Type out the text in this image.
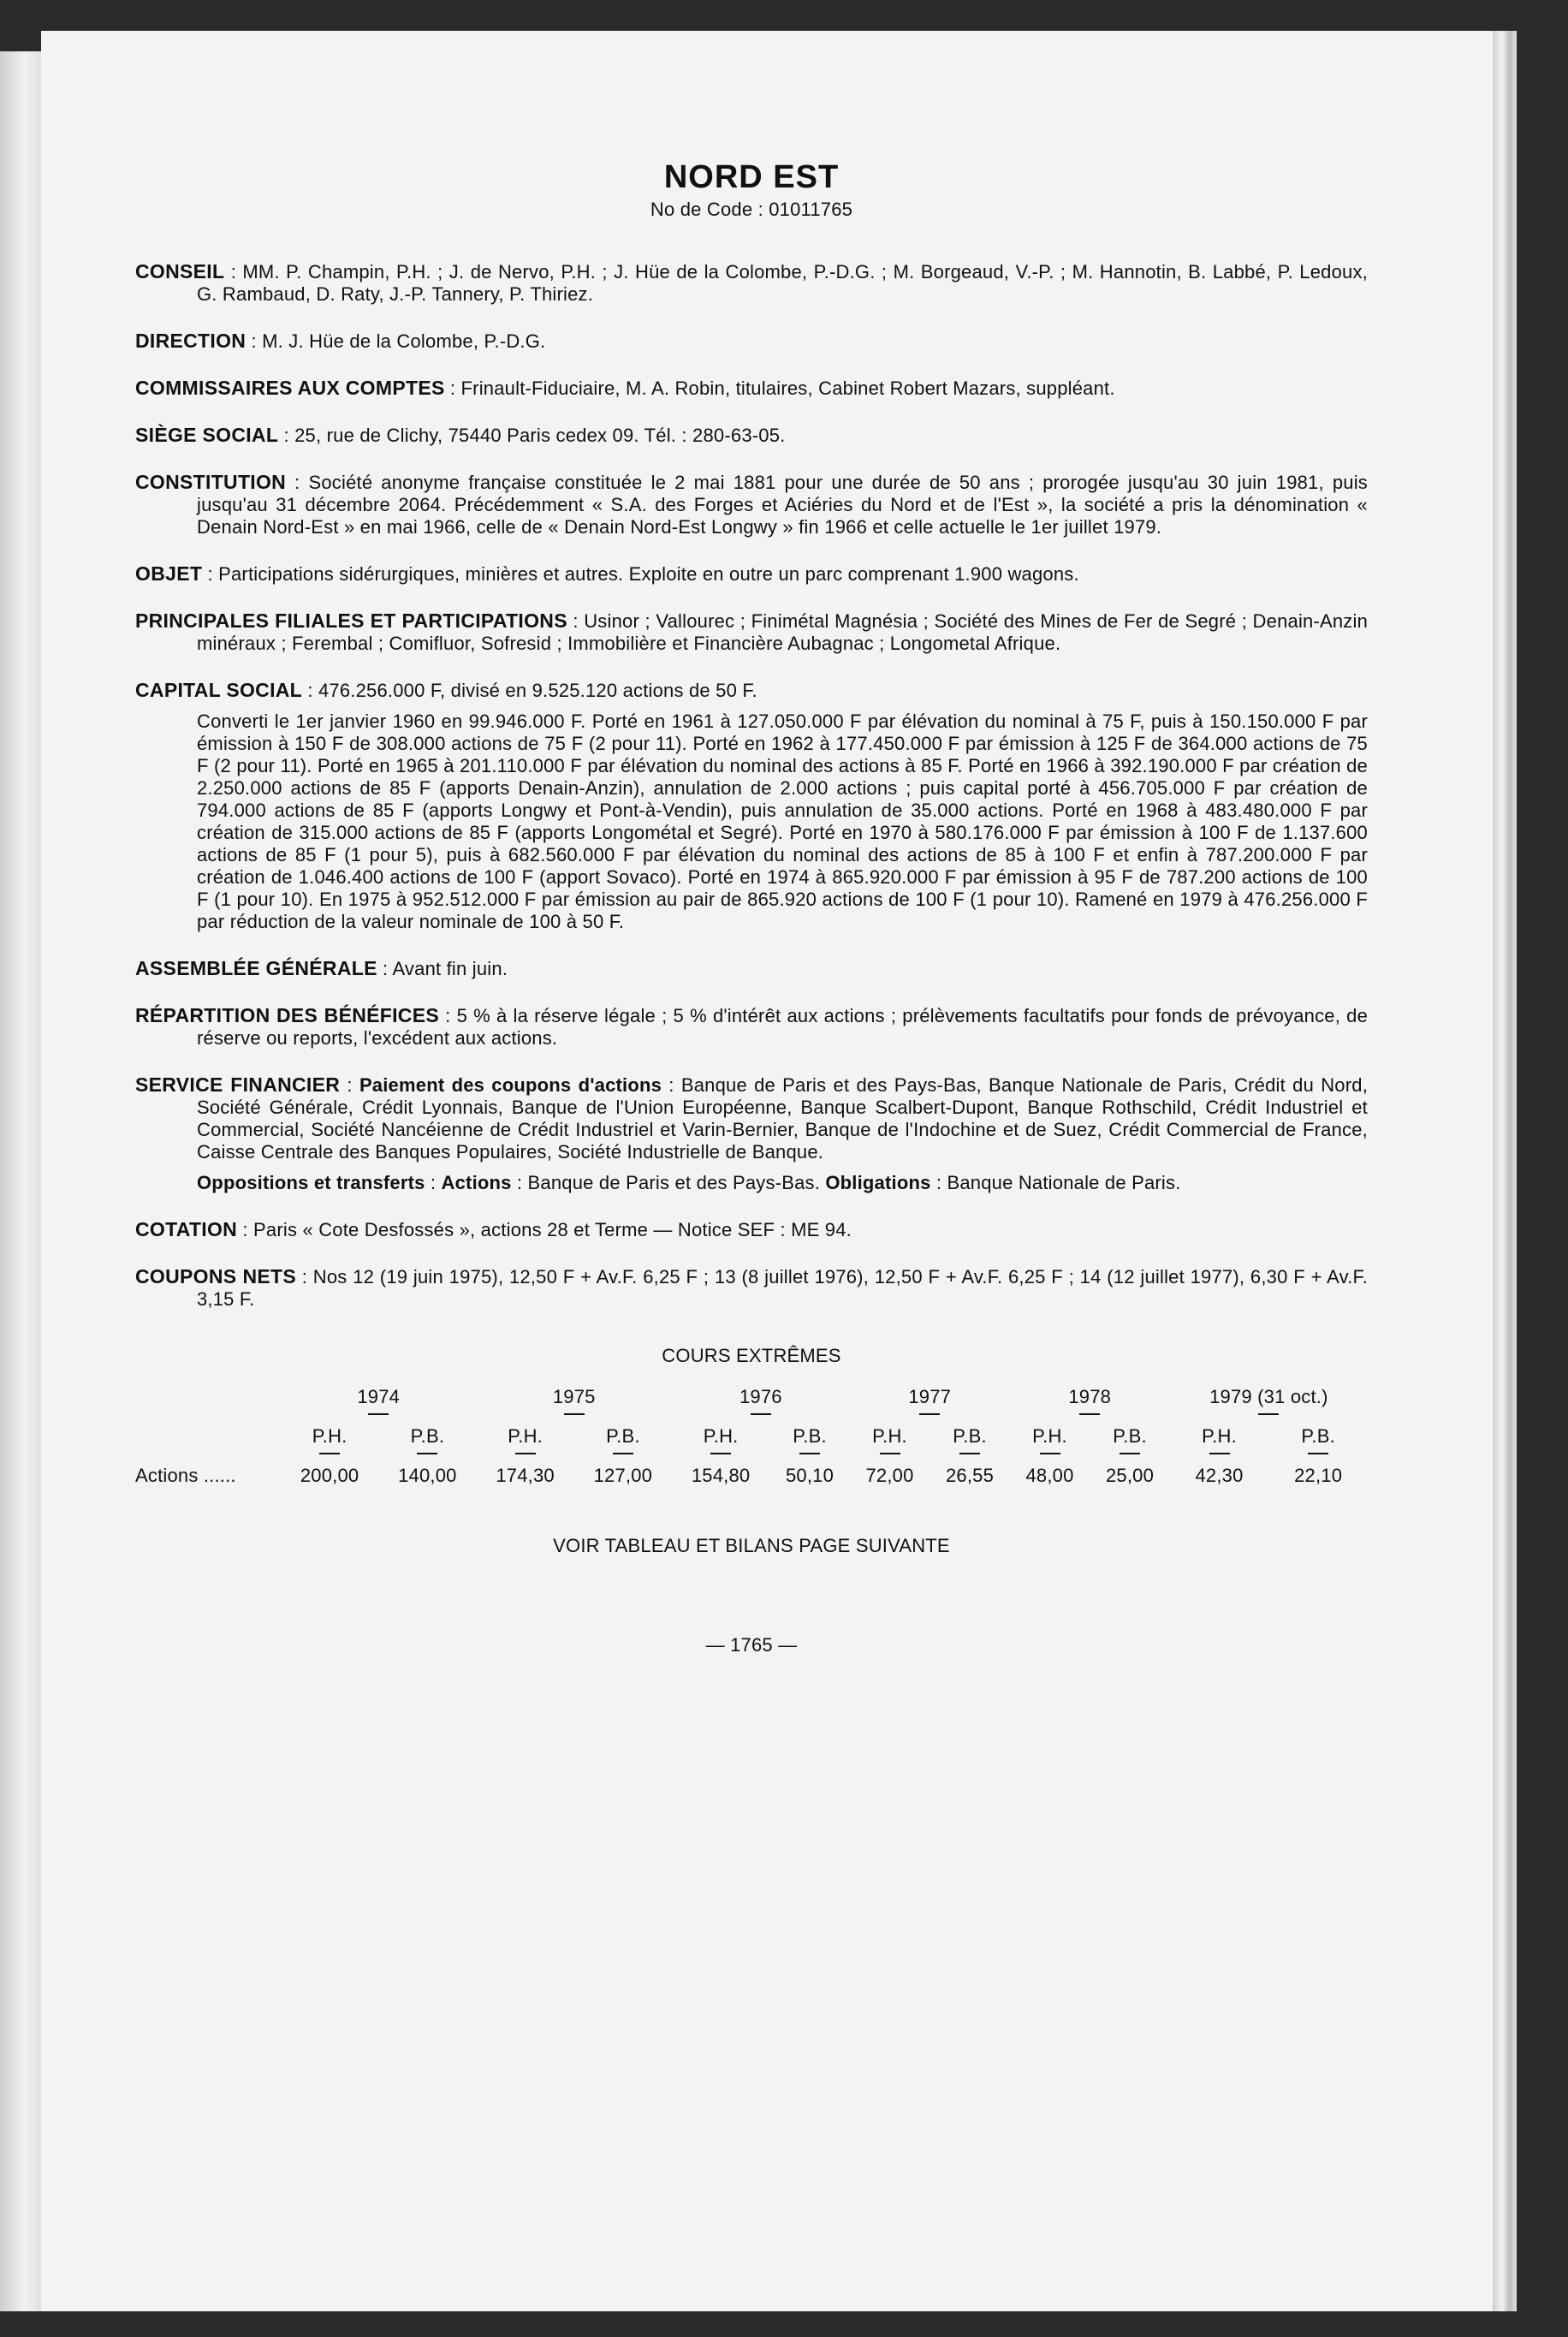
NORD EST
No de Code : 01011765
CONSEIL : MM. P. Champin, P.H. ; J. de Nervo, P.H. ; J. Hüe de la Colombe, P.-D.G. ; M. Borgeaud, V.-P. ; M. Hannotin, B. Labbé, P. Ledoux, G. Rambaud, D. Raty, J.-P. Tannery, P. Thiriez.
DIRECTION : M. J. Hüe de la Colombe, P.-D.G.
COMMISSAIRES AUX COMPTES : Frinault-Fiduciaire, M. A. Robin, titulaires, Cabinet Robert Mazars, suppléant.
SIÈGE SOCIAL : 25, rue de Clichy, 75440 Paris cedex 09. Tél. : 280-63-05.
CONSTITUTION : Société anonyme française constituée le 2 mai 1881 pour une durée de 50 ans ; prorogée jusqu'au 30 juin 1981, puis jusqu'au 31 décembre 2064. Précédemment « S.A. des Forges et Aciéries du Nord et de l'Est », la société a pris la dénomination « Denain Nord-Est » en mai 1966, celle de « Denain Nord-Est Longwy » fin 1966 et celle actuelle le 1er juillet 1979.
OBJET : Participations sidérurgiques, minières et autres. Exploite en outre un parc comprenant 1.900 wagons.
PRINCIPALES FILIALES ET PARTICIPATIONS : Usinor ; Vallourec ; Finimétal Magnésia ; Société des Mines de Fer de Segré ; Denain-Anzin minéraux ; Ferembal ; Comifluor, Sofresid ; Immobilière et Financière Aubagnac ; Longometal Afrique.
CAPITAL SOCIAL : 476.256.000 F, divisé en 9.525.120 actions de 50 F.
Converti le 1er janvier 1960 en 99.946.000 F. Porté en 1961 à 127.050.000 F par élévation du nominal à 75 F, puis à 150.150.000 F par émission à 150 F de 308.000 actions de 75 F (2 pour 11). Porté en 1962 à 177.450.000 F par émission à 125 F de 364.000 actions de 75 F (2 pour 11). Porté en 1965 à 201.110.000 F par élévation du nominal des actions à 85 F. Porté en 1966 à 392.190.000 F par création de 2.250.000 actions de 85 F (apports Denain-Anzin), annulation de 2.000 actions ; puis capital porté à 456.705.000 F par création de 794.000 actions de 85 F (apports Longwy et Pont-à-Vendin), puis annulation de 35.000 actions. Porté en 1968 à 483.480.000 F par création de 315.000 actions de 85 F (apports Longométal et Segré). Porté en 1970 à 580.176.000 F par émission à 100 F de 1.137.600 actions de 85 F (1 pour 5), puis à 682.560.000 F par élévation du nominal des actions de 85 à 100 F et enfin à 787.200.000 F par création de 1.046.400 actions de 100 F (apport Sovaco). Porté en 1974 à 865.920.000 F par émission à 95 F de 787.200 actions de 100 F (1 pour 10). En 1975 à 952.512.000 F par émission au pair de 865.920 actions de 100 F (1 pour 10). Ramené en 1979 à 476.256.000 F par réduction de la valeur nominale de 100 à 50 F.
ASSEMBLÉE GÉNÉRALE : Avant fin juin.
RÉPARTITION DES BÉNÉFICES : 5 % à la réserve légale ; 5 % d'intérêt aux actions ; prélèvements facultatifs pour fonds de prévoyance, de réserve ou reports, l'excédent aux actions.
SERVICE FINANCIER : Paiement des coupons d'actions : Banque de Paris et des Pays-Bas, Banque Nationale de Paris, Crédit du Nord, Société Générale, Crédit Lyonnais, Banque de l'Union Européenne, Banque Scalbert-Dupont, Banque Rothschild, Crédit Industriel et Commercial, Société Nancéienne de Crédit Industriel et Varin-Bernier, Banque de l'Indochine et de Suez, Crédit Commercial de France, Caisse Centrale des Banques Populaires, Société Industrielle de Banque.
Oppositions et transferts : Actions : Banque de Paris et des Pays-Bas. Obligations : Banque Nationale de Paris.
COTATION : Paris « Cote Desfossés », actions 28 et Terme — Notice SEF : ME 94.
COUPONS NETS : Nos 12 (19 juin 1975), 12,50 F + Av.F. 6,25 F ; 13 (8 juillet 1976), 12,50 F + Av.F. 6,25 F ; 14 (12 juillet 1977), 6,30 F + Av.F. 3,15 F.
COURS EXTRÊMES
	1974		1975		1976		1977		1978		1979 (31 oct.)	

	P.H.	P.B.	P.H.	P.B.	P.H.	P.B.	P.H.	P.B.	P.H.	P.B.	P.H.	P.B.

Actions ......	200,00	140,00	174,30	127,00	154,80	50,10	72,00	26,55	48,00	25,00	42,30	22,10
VOIR TABLEAU ET BILANS PAGE SUIVANTE
— 1765 —
